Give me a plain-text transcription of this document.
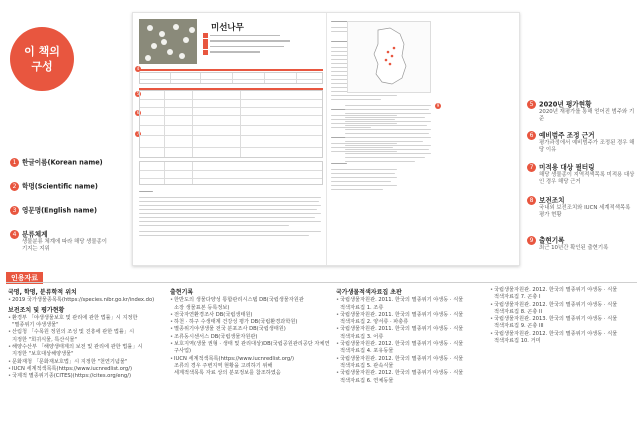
이 책의
구성
1 한글이름(Korean name)
2 학명(Scientific name)
3 영문명(English name)
4 분류체계
생물분류 체계에 따라 해당 생물종이 기지는 지위
5 2020년 평가현황
2020년 재평가를 통해 얻어진 범주와 기준
6 예비범주 조정 근거
평가과정에서 예비범주가 조정된 경우 해당 이유
7 미적용 대상 필터링
해당 생물종이 지역적색목록 미적용 대상인 경우 해당 근거
8 보전조치
국내외 보전조치와 IUCN 세계적색목록 평가 현황
9 출현기록
최근 10년간 확인된 출현기록
미선나무
4
5
6
7
9
인용자료
국명, 학명, 분류학적 위치
• 2019 국가생물종목록(https://species.nibr.go.kr/index.do)
보전조치 및 평가현황
• 환경부 「야생생물보호 및 관리에 관한 법률」시 지정한
"멸종위기 야생생물"
• 산림청 「수목원 정원의 조성 및 진흥에 관한 법률」시
지정한 "희귀식물, 특산식물"
• 해양수산부 「해양생태계의 보전 및 관리에 관한 법률」시
지정한 "보호대상해양생물"
• 문화재청 「문화재보호법」시 지정한 "천연기념물"
• IUCN 세계적색목록(https://www.iucnredlist.org/)
• 국제적 멸종위기종(CITES)(https://cites.org/eng/)
출현기록
• 한반도의 생물다양성 통합관리시스템 DB(국립생물자원관
소장 생물표본 등록정보)
• 전국자연환경조사 DB(국립생태원)
• 하천 · 하구 수생태계 건강성 평가 DB(국립환경과학원)
• 멸종위기야생생물 전국 분포조사 DB(국립생태원)
• 조류동시센서스 DB(국립생물자원관)
• 보호지역(생물 권형 · 생태 및 관리대상)DB(국립공원관리공단 자체연구사업)
• IUCN 세계적색목록(https://www.iucnredlist.org/)
조류의 경우 주변지역 현황을 고려하기 위해
세계적색목록 자료 상의 분포정보를 참조하였음
국가생물적색자료집 초판
• 국립생물자원관. 2011. 한국의 멸종위기 야생동 · 식물
적색자료집 1. 조류
• 국립생물자원관. 2011. 한국의 멸종위기 야생동 · 식물
적색자료집 2. 양서류 · 파충류
• 국립생물자원관. 2011. 한국의 멸종위기 야생동 · 식물
적색자료집 3. 어류
• 국립생물자원관. 2012. 한국의 멸종위기 야생동 · 식물
적색자료집 4. 포유동물
• 국립생물자원관. 2012. 한국의 멸종위기 야생동 · 식물
적색자료집 5. 관속식물
• 국립생물자원관. 2012. 한국의 멸종위기 야생동 · 식물
적색자료집 6. 연체동물
• 국립생물자원관. 2012. 한국의 멸종위기 야생동 · 식물
적색자료집 7. 곤충 I
• 국립생물자원관. 2012. 한국의 멸종위기 야생동 · 식물
적색자료집 8. 곤충 II
• 국립생물자원관. 2013. 한국의 멸종위기 야생동 · 식물
적색자료집 9. 곤충 III
• 국립생물자원관. 2012. 한국의 멸종위기 야생동 · 식물
적색자료집 10. 거미
